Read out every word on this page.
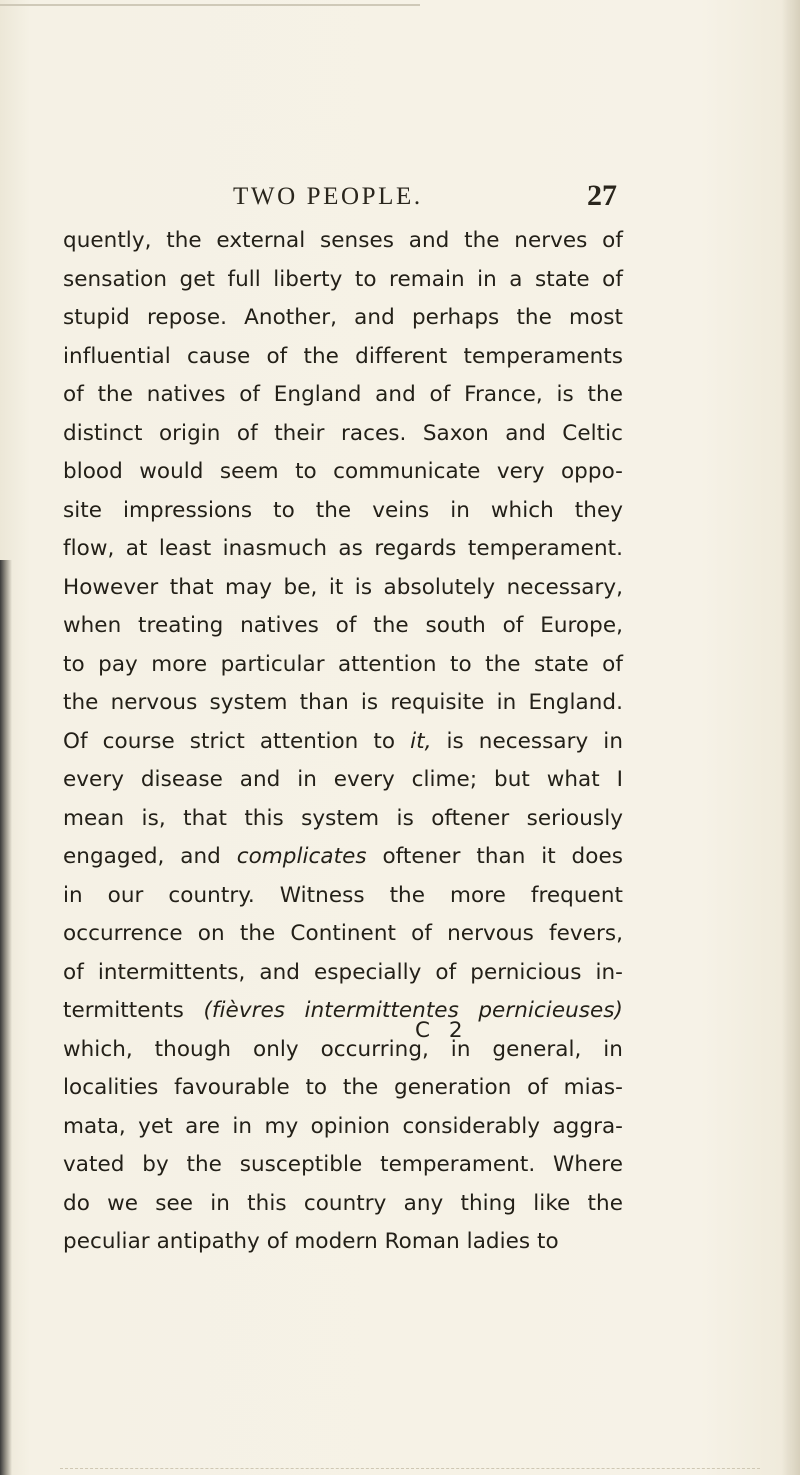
TWO PEOPLE.	27

quently, the external senses and the nerves of
sensation get full liberty to remain in a state of
stupid repose. Another, and perhaps the most
influential cause of the different temperaments
of the natives of England and of France, is the
distinct origin of their races. Saxon and Celtic
blood would seem to communicate very oppo-
site impressions to the veins in which they
flow, at least inasmuch as regards temperament.
However that may be, it is absolutely necessary,
when treating natives of the south of Europe,
to pay more particular attention to the state of
the nervous system than is requisite in England.
Of course strict attention to it, is necessary in
every disease and in every clime; but what I
mean is, that this system is oftener seriously
engaged, and complicates oftener than it does
in our country. Witness the more frequent
occurrence on the Continent of nervous fevers,
of intermittents, and especially of pernicious in-
termittents (fièvres intermittentes pernicieuses)
which, though only occurring, in general, in
localities favourable to the generation of mias-
mata, yet are in my opinion considerably aggra-
vated by the susceptible temperament. Where
do we see in this country any thing like the
peculiar antipathy of modern Roman ladies to

C 2
